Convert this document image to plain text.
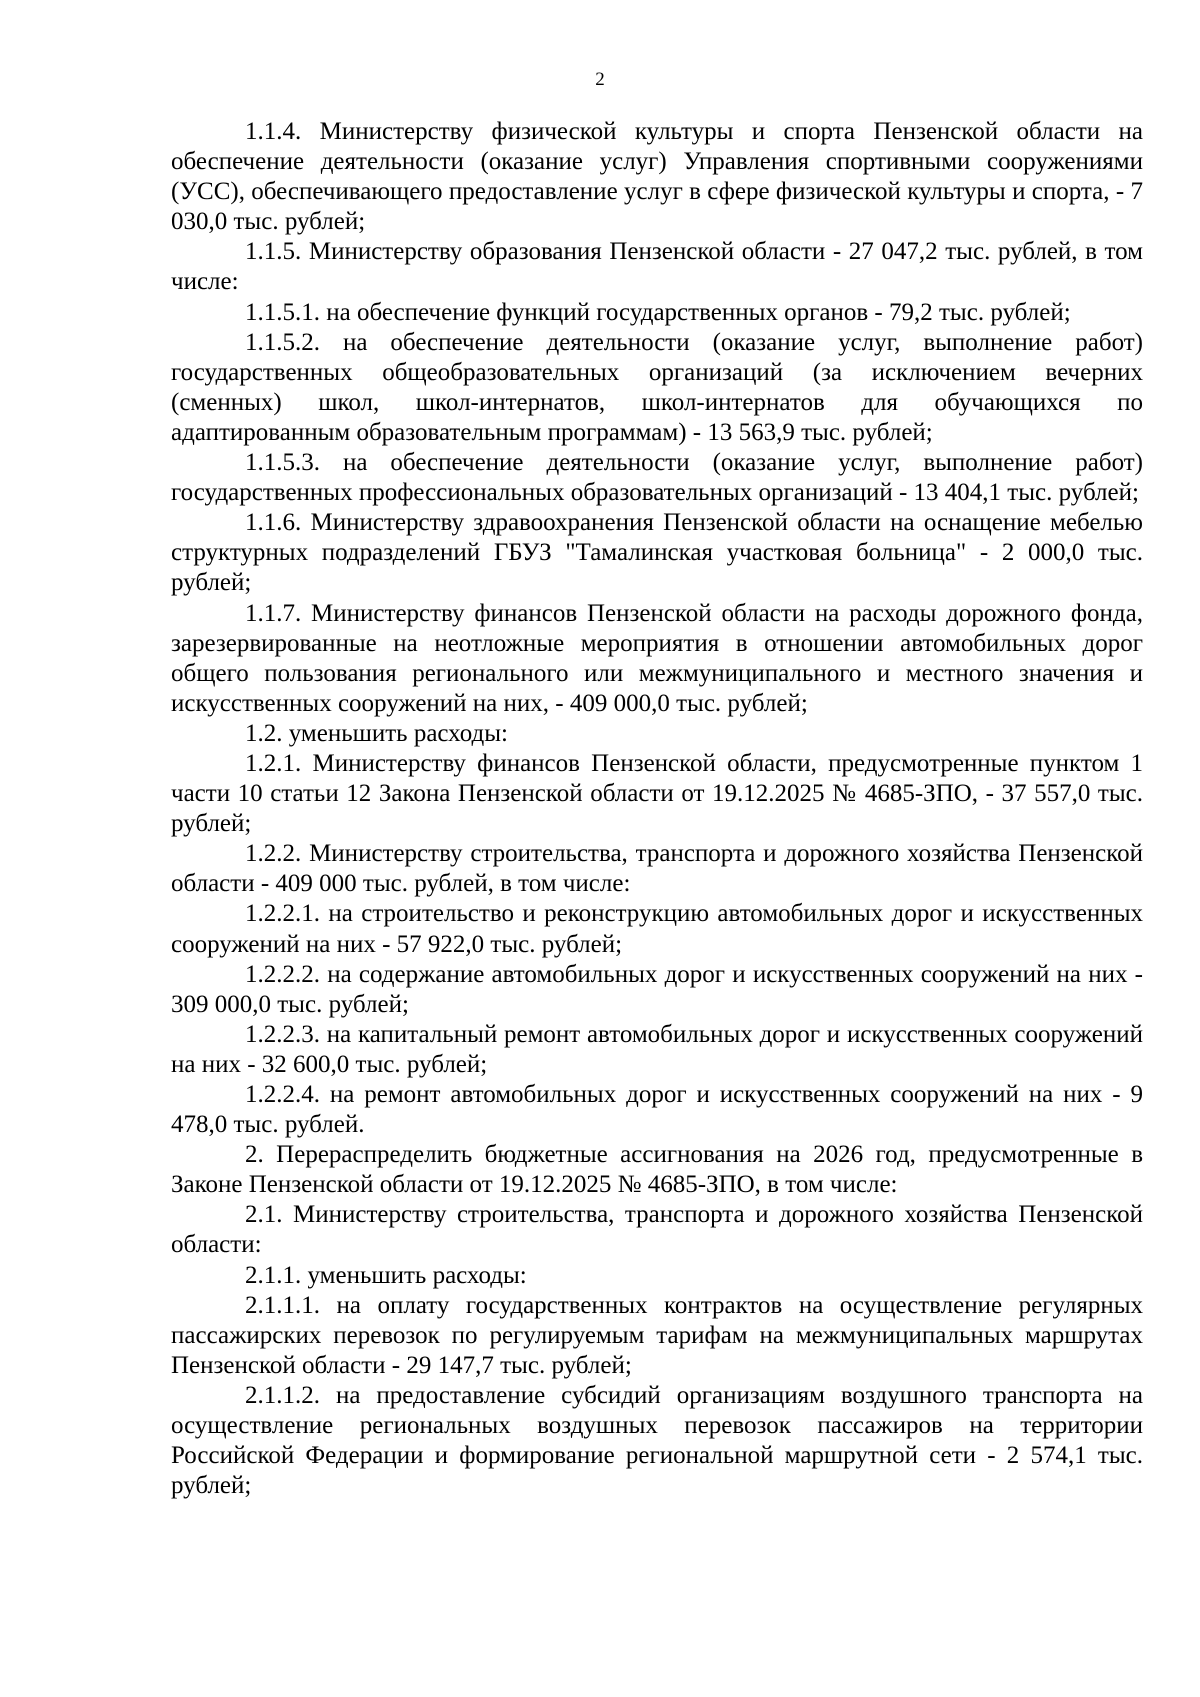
2

1.1.4. Министерству физической культуры и спорта Пензенской области на обеспечение деятельности (оказание услуг) Управления спортивными сооружениями (УСС), обеспечивающего предоставление услуг в сфере физической культуры и спорта, - 7 030,0 тыс. рублей;

1.1.5. Министерству образования Пензенской области - 27 047,2 тыс. рублей, в том числе:

1.1.5.1. на обеспечение функций государственных органов - 79,2 тыс. рублей;

1.1.5.2. на обеспечение деятельности (оказание услуг, выполнение работ) государственных общеобразовательных организаций (за исключением вечерних (сменных) школ, школ-интернатов, школ-интернатов для обучающихся по адаптированным образовательным программам) - 13 563,9 тыс. рублей;

1.1.5.3. на обеспечение деятельности (оказание услуг, выполнение работ) государственных профессиональных образовательных организаций - 13 404,1 тыс. рублей;

1.1.6. Министерству здравоохранения Пензенской области на оснащение мебелью структурных подразделений ГБУЗ "Тамалинская участковая больница" - 2 000,0 тыс. рублей;

1.1.7. Министерству финансов Пензенской области на расходы дорожного фонда, зарезервированные на неотложные мероприятия в отношении автомобильных дорог общего пользования регионального или межмуниципального и местного значения и искусственных сооружений на них, - 409 000,0 тыс. рублей;

1.2. уменьшить расходы:

1.2.1. Министерству финансов Пензенской области, предусмотренные пунктом 1 части 10 статьи 12 Закона Пензенской области от 19.12.2025 № 4685-ЗПО, - 37 557,0 тыс. рублей;

1.2.2. Министерству строительства, транспорта и дорожного хозяйства Пензенской области - 409 000 тыс. рублей, в том числе:

1.2.2.1. на строительство и реконструкцию автомобильных дорог и искусственных сооружений на них - 57 922,0 тыс. рублей;

1.2.2.2. на содержание автомобильных дорог и искусственных сооружений на них - 309 000,0 тыс. рублей;

1.2.2.3. на капитальный ремонт автомобильных дорог и искусственных сооружений на них - 32 600,0 тыс. рублей;

1.2.2.4. на ремонт автомобильных дорог и искусственных сооружений на них - 9 478,0 тыс. рублей.

2. Перераспределить бюджетные ассигнования на 2026 год, предусмотренные в Законе Пензенской области от 19.12.2025 № 4685-ЗПО, в том числе:

2.1. Министерству строительства, транспорта и дорожного хозяйства Пензенской области:

2.1.1. уменьшить расходы:

2.1.1.1. на оплату государственных контрактов на осуществление регулярных пассажирских перевозок по регулируемым тарифам на межмуниципальных маршрутах Пензенской области - 29 147,7 тыс. рублей;

2.1.1.2. на предоставление субсидий организациям воздушного транспорта на осуществление региональных воздушных перевозок пассажиров на территории Российской Федерации и формирование региональной маршрутной сети - 2 574,1 тыс. рублей;
